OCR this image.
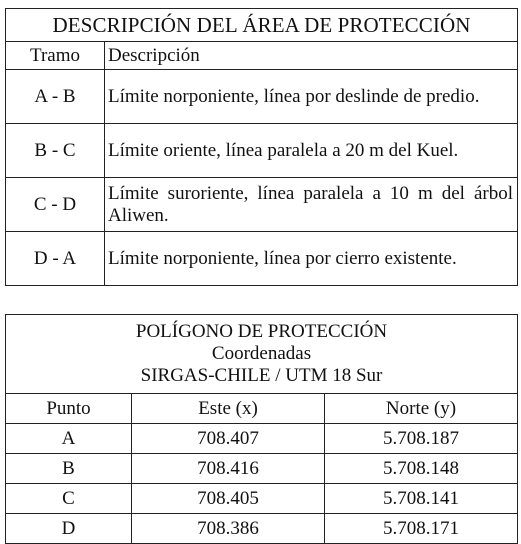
DESCRIPCIÓN DEL ÁREA DE PROTECCIÓN	
Tramo	Descripción
A - B	Límite norponiente, línea por deslinde de predio.
B - C	Límite oriente, línea paralela a 20 m del Kuel.
C - D	Límite suroriente, línea paralela a 10 m del árbol Aliwen.
D - A	Límite norponiente, línea por cierro existente.
POLÍGONO DE PROTECCIÓN
Coordenadas
SIRGAS-CHILE / UTM 18 Sur		

Punto	Este (x)	Norte (y)
A	708.407	5.708.187
B	708.416	5.708.148
C	708.405	5.708.141
D	708.386	5.708.171
